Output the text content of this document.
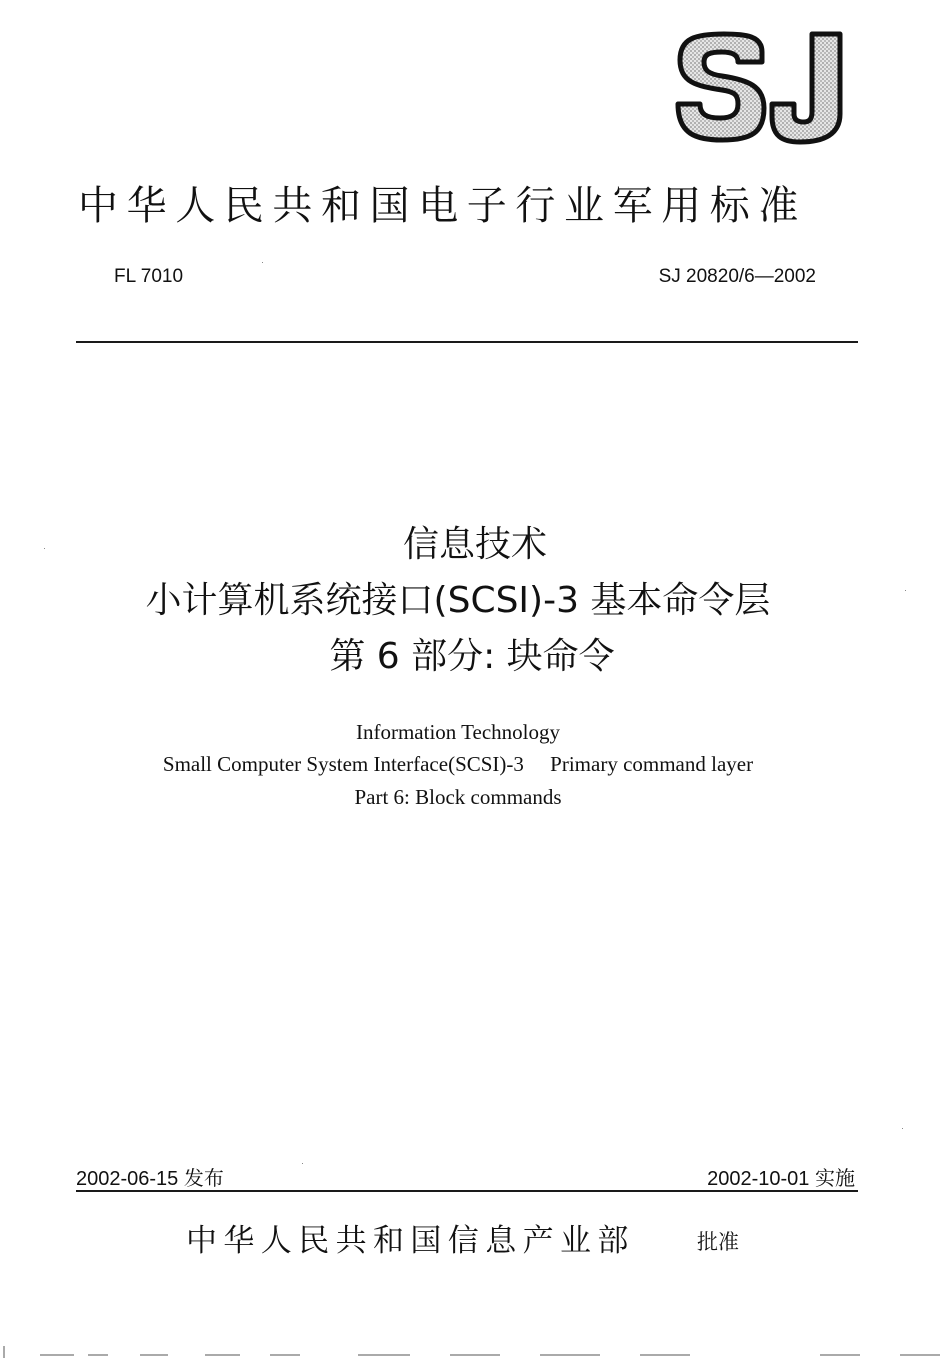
SJ
中华人民共和国电子行业军用标准
FL 7010	SJ 20820/6—2002
信息技术
小计算机系统接口(SCSI)-3 基本命令层
第 6 部分: 块命令
Information Technology
Small Computer System Interface(SCSI)-3     Primary command layer
Part 6: Block commands
2002-06-15 发布	2002-10-01 实施
中华人民共和国信息产业部	批准
